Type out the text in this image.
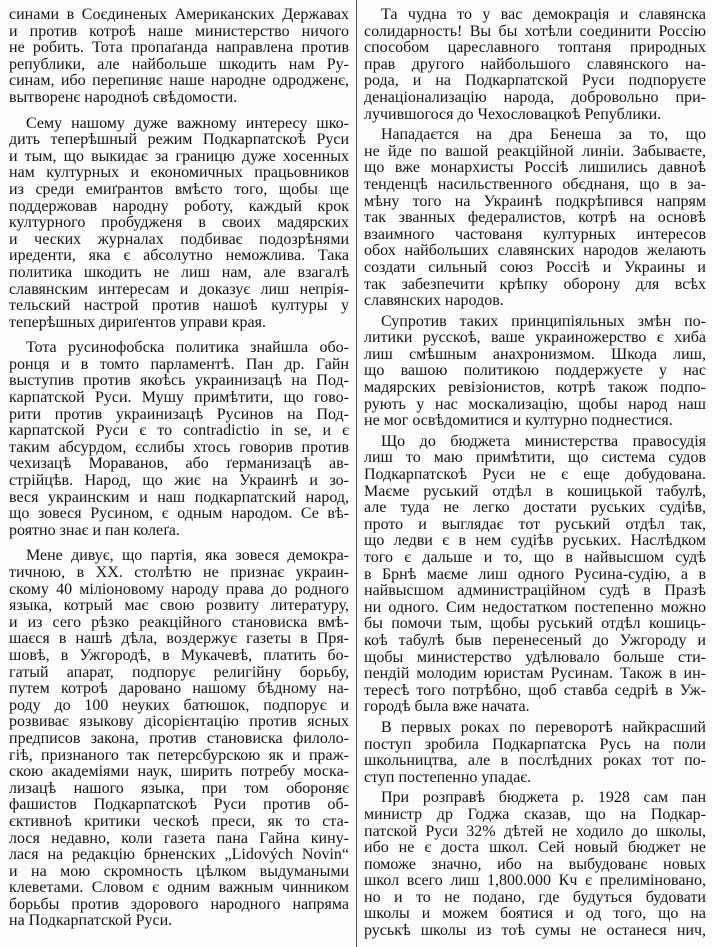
синами в Соєдиненых Американских Державах
и против котроѣ наше министерство ничого
не робить. Тота пропаґанда направлена против
републики, але найбольше шкодить нам Ру-
синам, ибо перепиняє наше народне одродженє,
вытворенє народноѣ свѣдомости.
Сему нашому дуже важному интересу шко-
дить теперѣшный режим Подкарпатскоѣ Руси
и тым, що выкидає за границю дуже хосенных
нам културных и економичных працьовников
из среди емиґрантов вмѣсто того, щобы ще
поддержовав народну роботу, каждый крок
културного пробудженя в своих мадярских
и ческих журналах подбиває подозрѣнями
иреденти, яка є абсолутно неможлива. Така
политика шкодить не лиш нам, але взагалѣ
славянским интересам и доказує лиш непрія-
тельский настрой против нашоѣ културы у
теперѣшных дириґентов управи края.
Тота русинофобска политика знайшла обо-
ронця и в томто парламентѣ. Пан др. Гайн
выступив против якоѣсь украинизацѣ на Под-
карпатской Руси. Мушу примѣтити, що гово-
рити против украинизацѣ Русинов на Под-
карпатской Руси є то contradictio in se, и є
таким абсурдом, єслибы хтось говорив против
чехизацѣ Мораванов, або ґерманизацѣ ав-
стрійцѣв. Народ, що жиє на Украинѣ и зо-
веся украинским и наш подкарпатский народ,
що зовеся Русином, є одным народом. Се вѣ-
роятно знає и пан колеґа.
Мене дивує, що партія, яка зовеся демокра-
тичною, в ХХ. столѣтю не признає украин-
скому 40 міліоновому народу права до родного
языка, котрый має свою розвиту литературу,
и из сего рѣзко реакційного становиска вмѣ-
шаєся в нашѣ дѣла, воздержує газеты в Пря-
шовѣ, в Ужгородѣ, в Мукачевѣ, платить бо-
гатый апарат, подпорує религійну борьбу,
путем котроѣ даровано нашому бѣдному на-
роду до 100 неуких батюшок, подпорує и
розвиває языкову дісорієнтацію против ясных
предписов закона, против становиска филоло-
гіѣ, признаного так петерсбурскою як и праж-
скою академіями наук, ширить потребу моска-
лизацѣ нашого языка, при том обороняє
фашистов Подкарпатскоѣ Руси против об-
єктивноѣ критики ческоѣ преси, як то ста-
лося недавно, коли газета пана Гайна кину-
лася на редакцію брненских „Lidových Novin“
и на мою скромность цѣлком выдумаными
клеветами. Словом є одним важным чинником
борьбы против здорового народного напряма
на Подкарпатской Руси.
Та чудна то у вас демокрація и славянска
солидарность! Вы бы хотѣли соединити Россію
способом цареславного топтаня природных
прав другого найбольшого славянского на-
рода, и на Подкарпатской Руси подпоруєте
денаціонализацію народа, добровольно при-
лучившогося до Чехословацкоѣ Републики.
Нападаєтся на дра Бенеша за то, що
не йде по вашой реакційной линіи. Забываєте,
що вже монархисты Россіѣ лишились давноѣ
тенденцѣ насильственного обєднаня, що в за-
мѣну того на Украинѣ подкрѣпився напрям
так званных федералистов, котрѣ на основѣ
взаимного частованя културных интересов
обох найбольших славянских народов желають
создати сильный союз Россіѣ и Украины и
так забезпечити крѣпку оборону для всѣх
славянских народов.
Супротив таких принципіяльных змѣн по-
литики русскоѣ, ваше украиножерство є хиба
лиш смѣшным анахронизмом. Шкода лиш,
що вашою политикою поддержуєте у нас
мадярских ревізіонистов, котрѣ також подпо-
рують у нас москализацію, щобы народ наш
не мог освѣдомитися и културно поднестися.
Що до бюджета министерства правосудія
лиш то маю примѣтити, що система судов
Подкарпатскоѣ Руси не є еще добудована.
Маєме руський отдѣл в кошицькой табулѣ,
але туда не легко достати руських судіѣв,
прото и выглядає тот руський отдѣл так,
що ледви є в нем судіѣв руських. Наслѣдком
того є дальше и то, що в найвысшом судѣ
в Брнѣ маєме лиш одного Русина-судію, а в
найвысшом администраційном судѣ в Празѣ
ни одного. Сим недостатком постепенно можно
бы помочи тым, щобы руський отдѣл кошиць-
коѣ табулѣ быв перенесеный до Ужгороду и
щобы министерство удѣлювало больше сти-
пендій молодим юристам Русинам. Також в ин-
тересѣ того потрѣбно, щоб ставба седріѣ в Уж-
городѣ была вже начата.
В первых роках по переворотѣ найкрасший
поступ зробила Подкарпатска Русь на поли
школьництва, але в послѣдних роках тот по-
ступ постепенно упадає.
При розправѣ бюджета р. 1928 сам пан
министр др Годжа сказав, що на Подкар-
патской Руси 32% дѣтей не ходило до школы,
ибо не є доста школ. Сей новый бюджет не
поможе значно, ибо на выбудованє новых
школ всего лиш 1,800.000 Кч є прелиміновано,
но и то не подано, где будуться будовати
школы и можем боятися и од того, що на
руськѣ школы из тоѣ сумы не останеся нич,
